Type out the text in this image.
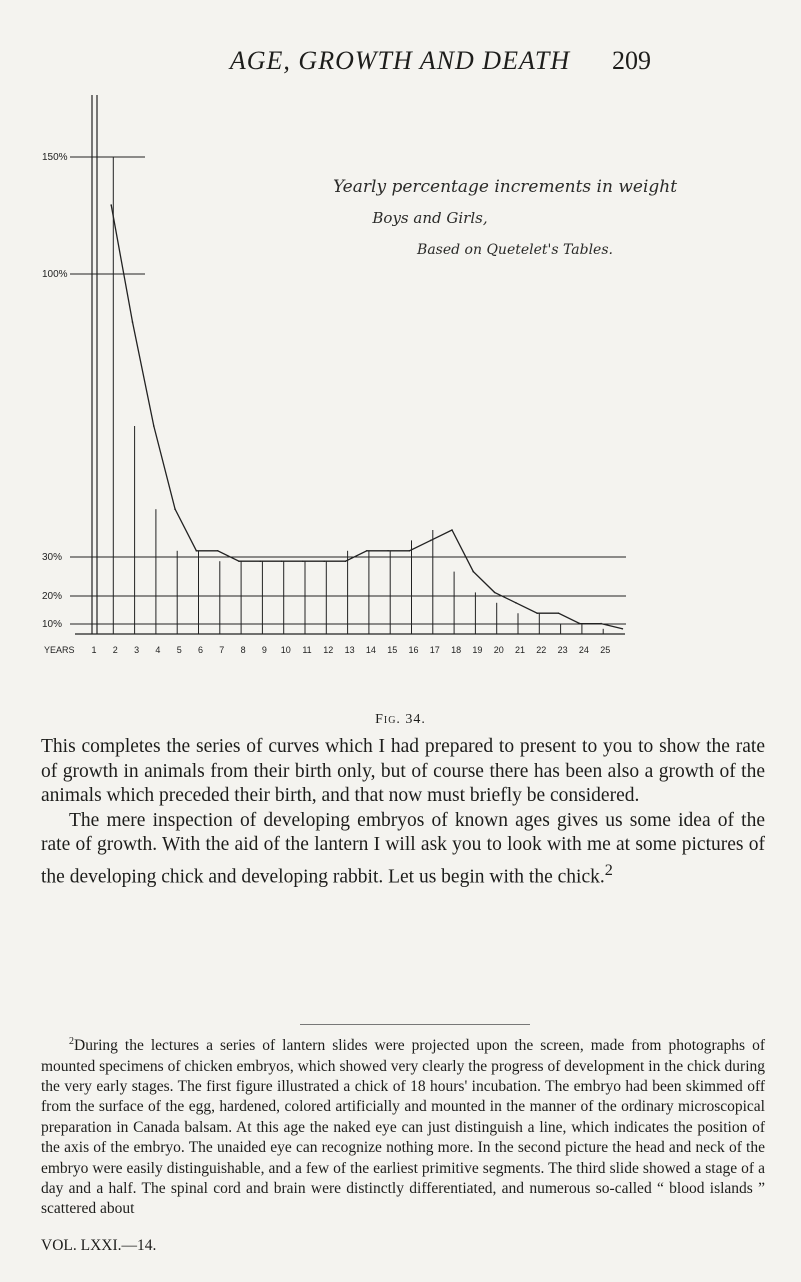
AGE, GROWTH AND DEATH	209
150%
100%
30%
20%
10%
YEARS 1 2 3 4 5 6 7 8 9 10 11 12 13 14 15 16 17 18 19 20 21 22 23 24 25
Yearly percentage increments in weight
Boys and Girls,
Based on Quetelet's Tables.
Fig. 34.

This completes the series of curves which I had prepared to present to you to show the rate of growth in animals from their birth only, but of course there has been also a growth of the animals which preceded their birth, and that now must briefly be considered.

The mere inspection of developing embryos of known ages gives us some idea of the rate of growth. With the aid of the lantern I will ask you to look with me at some pictures of the developing chick and developing rabbit. Let us begin with the chick.$^2$

$^2$During the lectures a series of lantern slides were projected upon the screen, made from photographs of mounted specimens of chicken embryos, which showed very clearly the progress of development in the chick during the very early stages. The first figure illustrated a chick of 18 hours' incubation. The embryo had been skimmed off from the surface of the egg, hardened, colored artificially and mounted in the manner of the ordinary microscopical preparation in Canada balsam. At this age the naked eye can just distinguish a line, which indicates the position of the axis of the embryo. The unaided eye can recognize nothing more. In the second picture the head and neck of the embryo were easily distinguishable, and a few of the earliest primitive segments. The third slide showed a stage of a day and a half. The spinal cord and brain were distinctly differentiated, and numerous so-called “ blood islands ” scattered about

VOL. LXXI.—14.
